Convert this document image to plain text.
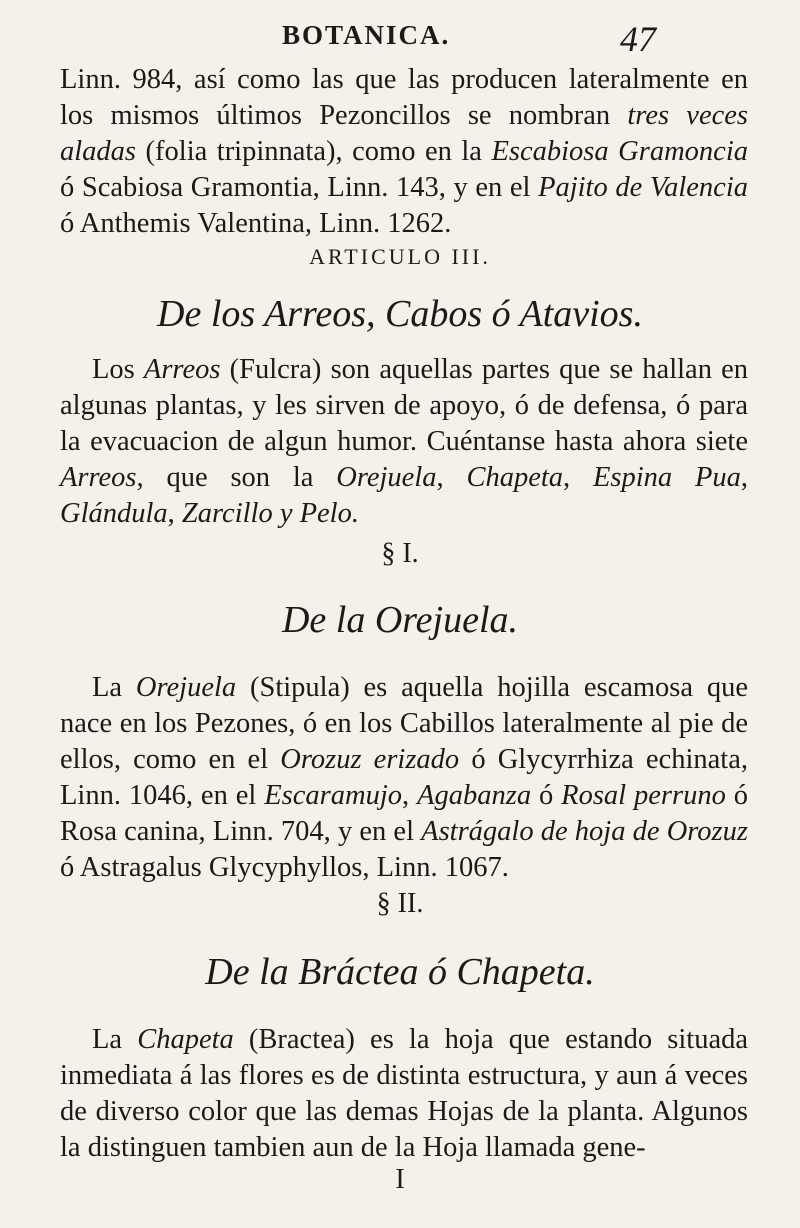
BOTANICA.	47

Linn. 984, así como las que las producen lateralmente en los mismos últimos Pezoncillos se nombran tres veces aladas (folia tripinnata), como en la Escabiosa Gramoncia ó Scabiosa Gramontia, Linn. 143, y en el Pajito de Valencia ó Anthemis Valentina, Linn. 1262.

ARTICULO III.
De los Arreos, Cabos ó Atavios.

Los Arreos (Fulcra) son aquellas partes que se hallan en algunas plantas, y les sirven de apoyo, ó de defensa, ó para la evacuacion de algun humor. Cuéntanse hasta ahora siete Arreos, que son la Orejuela, Chapeta, Espina Pua, Glándula, Zarcillo y Pelo.

§ I.
De la Orejuela.

La Orejuela (Stipula) es aquella hojilla escamosa que nace en los Pezones, ó en los Cabillos lateralmente al pie de ellos, como en el Orozuz erizado ó Glycyrrhiza echinata, Linn. 1046, en el Escaramujo, Agabanza ó Rosal perruno ó Rosa canina, Linn. 704, y en el Astrágalo de hoja de Orozuz ó Astragalus Glycyphyllos, Linn. 1067.

§ II.
De la Bráctea ó Chapeta.

La Chapeta (Bractea) es la hoja que estando situada inmediata á las flores es de distinta estructura, y aun á veces de diverso color que las demas Hojas de la planta. Algunos la distinguen tambien aun de la Hoja llamada gene-

I
